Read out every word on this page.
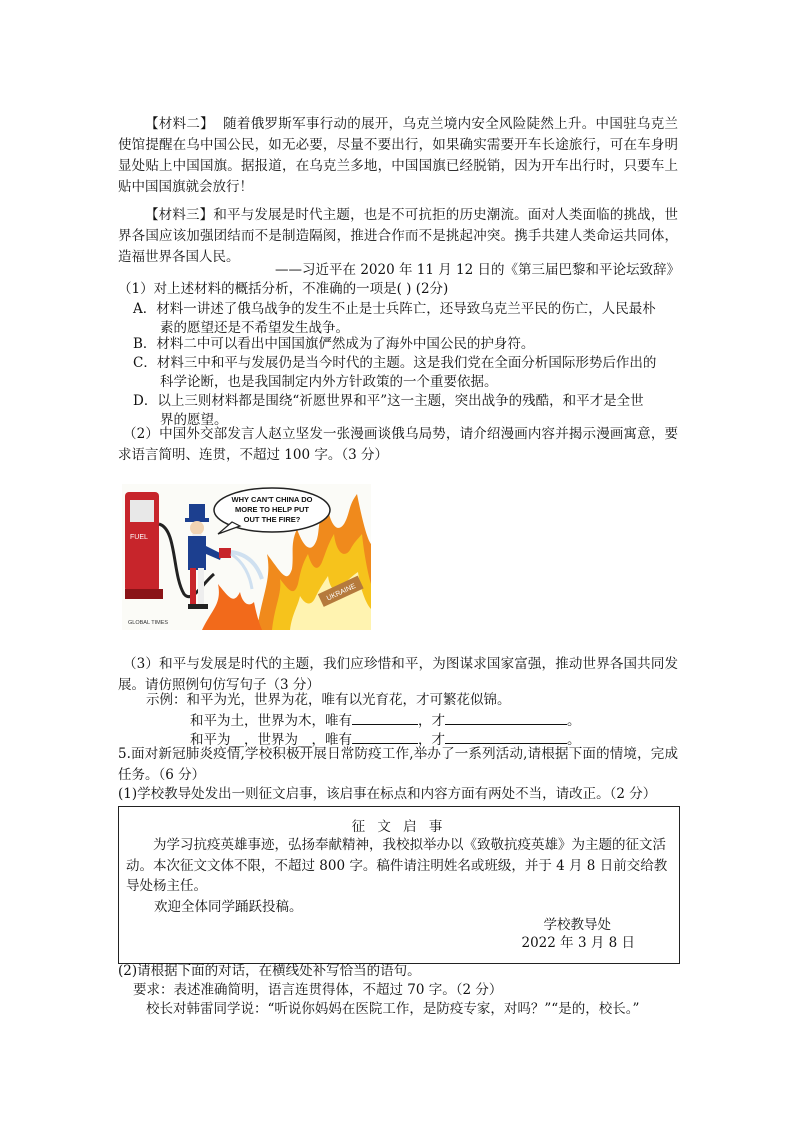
【材料二】 随着俄罗斯军事行动的展开，乌克兰境内安全风险陡然上升。中国驻乌克兰使馆提醒在乌中国公民，如无必要，尽量不要出行，如果确实需要开车长途旅行，可在车身明显处贴上中国国旗。据报道，在乌克兰多地，中国国旗已经脱销，因为开车出行时，只要车上贴中国国旗就会放行！
【材料三】和平与发展是时代主题，也是不可抗拒的历史潮流。面对人类面临的挑战，世界各国应该加强团结而不是制造隔阂，推进合作而不是挑起冲突。携手共建人类命运共同体，造福世界各国人民。
——习近平在 2020 年 11 月 12 日的《第三届巴黎和平论坛致辞》
（1）对上述材料的概括分析，不准确的一项是( ) (2分)
A．材料一讲述了俄乌战争的发生不止是士兵阵亡，还导致乌克兰平民的伤亡，人民最朴
素的愿望还是不希望发生战争。
B．材料二中可以看出中国国旗俨然成为了海外中国公民的护身符。
C．材料三中和平与发展仍是当今时代的主题。这是我们党在全面分析国际形势后作出的
科学论断，也是我国制定内外方针政策的一个重要依据。
D．以上三则材料都是围绕“祈愿世界和平”这一主题，突出战争的残酷，和平才是全世
界的愿望。
（2）中国外交部发言人赵立坚发一张漫画谈俄乌局势，请介绍漫画内容并揭示漫画寓意，要求语言简明、连贯，不超过 100 字。（3 分）
FUEL
WHY CAN'T CHINA DO
MORE TO HELP PUT
OUT THE FIRE?
UKRAINE
GLOBAL TIMES
（3）和平与发展是时代的主题，我们应珍惜和平，为图谋求国家富强，推动世界各国共同发展。请仿照例句仿写句子（3 分）
示例：和平为光，世界为花，唯有以光育花，才可繁花似锦。
和平为土，世界为木，唯有	，才	。
和平为__，世界为__，唯有	，才	。
5.面对新冠肺炎疫情,学校积极开展日常防疫工作,举办了一系列活动,请根据下面的情境，完成任务。（6 分）
(1)学校教导处发出一则征文启事，该启事在标点和内容方面有两处不当，请改正。（2 分）
征 文 启 事
为学习抗疫英雄事迹，弘扬奉献精神，我校拟举办以《致敬抗疫英雄》为主题的征文活动。本次征文文体不限，不超过 800 字。稿件请注明姓名或班级，并于 4 月 8 日前交给教导处杨主任。
欢迎全体同学踊跃投稿。
学校教导处
2022 年 3 月 8 日
(2)请根据下面的对话，在横线处补写恰当的语句。
要求：表述准确简明，语言连贯得体，不超过 70 字。（2 分）
校长对韩雷同学说：“听说你妈妈在医院工作，是防疫专家，对吗？”“是的，校长。”
